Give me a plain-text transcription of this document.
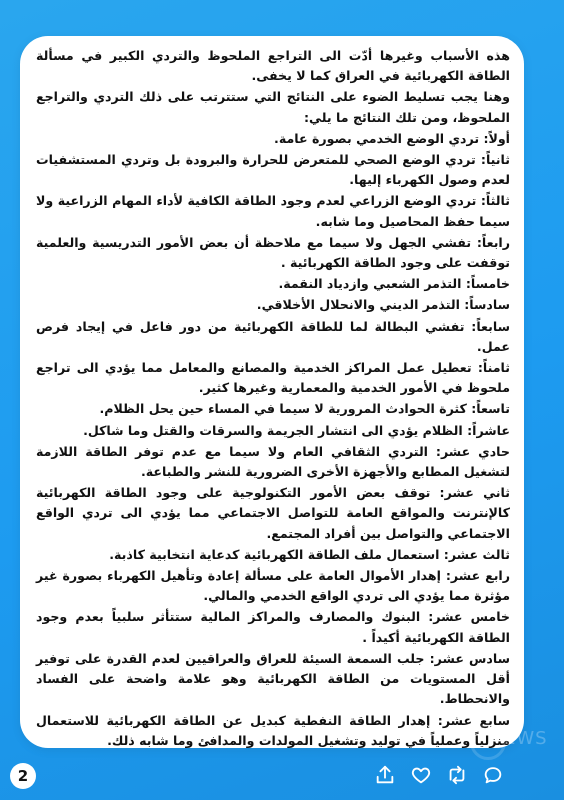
هذه الأسباب وغيرها أدّت الى التراجع الملحوظ والتردي الكبير في مسألة الطاقة الكهربائية في العراق كما لا يخفى.

وهنا يجب تسليط الضوء على النتائج التي ستترتب على ذلك التردي والتراجع الملحوظ، ومن تلك النتائج ما يلي:

أولاً: تردي الوضع الخدمي بصورة عامة.

ثانياً: تردي الوضع الصحي للمتعرض للحرارة والبرودة بل وتردي المستشفيات لعدم وصول الكهرباء إليها.

ثالثاً: تردي الوضع الزراعي لعدم وجود الطاقة الكافية لأداء المهام الزراعية ولا سيما حفظ المحاصيل وما شابه.

رابعاً: تفشي الجهل ولا سيما مع ملاحظة أن بعض الأمور التدريسية والعلمية توقفت على وجود الطاقة الكهربائية .

خامساً: التذمر الشعبي وازدياد النقمة.

سادساً: التذمر الديني والانحلال الأخلاقي.

سابعاً: تفشي البطالة لما للطاقة الكهربائية من دور فاعل في إيجاد فرص عمل.

ثامناً: تعطيل عمل المراكز الخدمية والمصانع والمعامل مما يؤدي الى تراجع ملحوظ في الأمور الخدمية والمعمارية وغيرها كثير.

تاسعاً: كثرة الحوادث المرورية لا سيما في المساء حين يحل الظلام.

عاشراً: الظلام يؤدي الى انتشار الجريمة والسرقات والقتل وما شاكل.

حادي عشر: التردي الثقافي العام ولا سيما مع عدم توفر الطاقة اللازمة لتشغيل المطابع والأجهزة الأخرى الضرورية للنشر والطباعة.

ثاني عشر: توقف بعض الأمور التكنولوجية على وجود الطاقة الكهربائية كالإنترنت والمواقع العامة للتواصل الاجتماعي مما يؤدي الى تردي الواقع الاجتماعي والتواصل بين أفراد المجتمع.

ثالث عشر: استعمال ملف الطاقة الكهربائية كدعاية انتخابية كاذبة.

رابع عشر: إهدار الأموال العامة على مسألة إعادة وتأهيل الكهرباء بصورة غير مؤثرة مما يؤدي الى تردي الواقع الخدمي والمالي.

خامس عشر: البنوك والمصارف والمراكز المالية ستتأثر سلبياً بعدم وجود الطاقة الكهربائية أكيداً .

سادس عشر: جلب السمعة السيئة للعراق والعراقيين لعدم القدرة على توفير أقل المستويات من الطاقة الكهربائية وهو علامة واضحة على الفساد والانحطاط.

سابع عشر: إهدار الطاقة النفطية كبديل عن الطاقة الكهربائية للاستعمال منزلياً وعملياً في توليد وتشغيل المولدات والمدافئ وما شابه ذلك.

2
EWS
